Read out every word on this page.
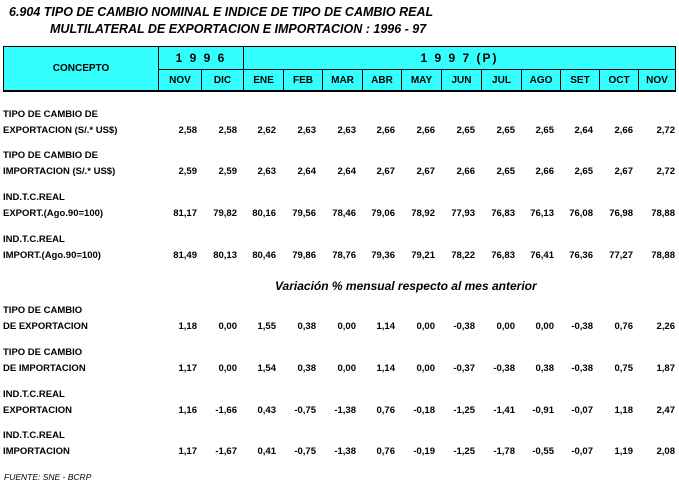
6.904 TIPO DE CAMBIO NOMINAL E INDICE DE TIPO DE CAMBIO REAL
MULTILATERAL DE EXPORTACION E IMPORTACION : 1996 - 97
CONCEPTO
1 9 9 6	1 9 9 7 (P)
NOV	DIC	ENE	FEB	MAR	ABR	MAY	JUN	JUL	AGO	SET	OCT	NOV
TIPO DE CAMBIO DE
EXPORTACION (S/.* US$)	2,58	2,58	2,62	2,63	2,63	2,66	2,66	2,65	2,65	2,65	2,64	2,66	2,72
TIPO DE CAMBIO DE
IMPORTACION (S/.* US$)	2,59	2,59	2,63	2,64	2,64	2,67	2,67	2,66	2,65	2,66	2,65	2,67	2,72
IND.T.C.REAL
EXPORT.(Ago.90=100)	81,17	79,82	80,16	79,56	78,46	79,06	78,92	77,93	76,83	76,13	76,08	76,98	78,88
IND.T.C.REAL
IMPORT.(Ago.90=100)	81,49	80,13	80,46	79,86	78,76	79,36	79,21	78,22	76,83	76,41	76,36	77,27	78,88
TIPO DE CAMBIO
DE EXPORTACION	1,18	0,00	1,55	0,38	0,00	1,14	0,00	-0,38	0,00	0,00	-0,38	0,76	2,26
TIPO DE CAMBIO
DE IMPORTACION	1,17	0,00	1,54	0,38	0,00	1,14	0,00	-0,37	-0,38	0,38	-0,38	0,75	1,87
IND.T.C.REAL
EXPORTACION	1,16	-1,66	0,43	-0,75	-1,38	0,76	-0,18	-1,25	-1,41	-0,91	-0,07	1,18	2,47
IND.T.C.REAL
IMPORTACION	1,17	-1,67	0,41	-0,75	-1,38	0,76	-0,19	-1,25	-1,78	-0,55	-0,07	1,19	2,08
Variación % mensual respecto al mes anterior
FUENTE: SNE - BCRP
